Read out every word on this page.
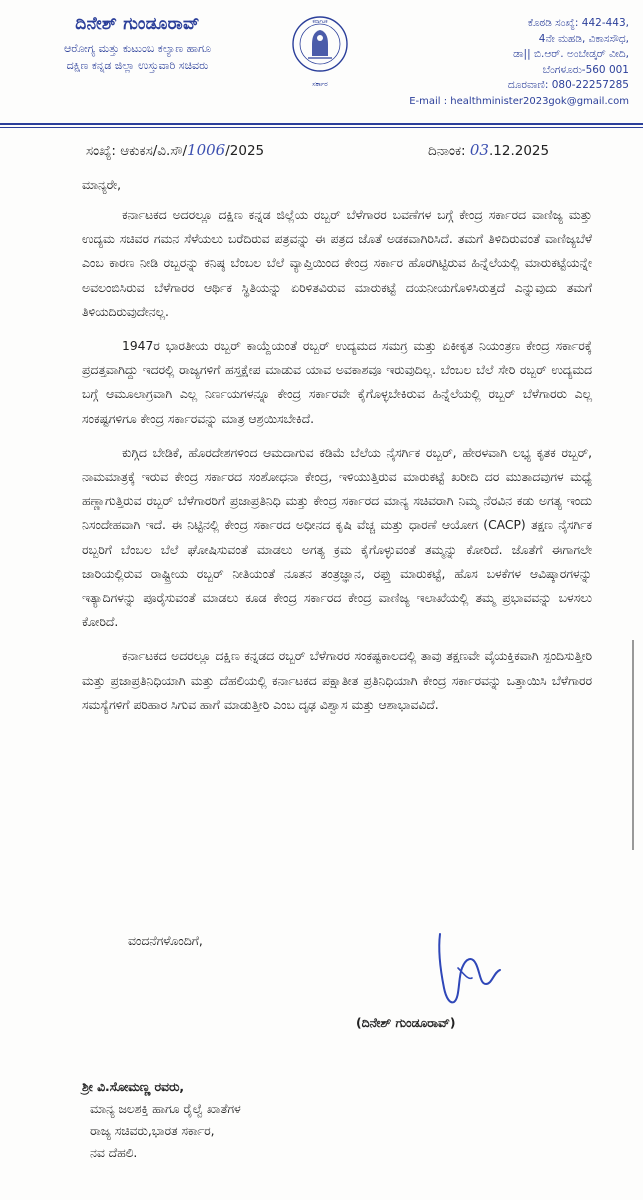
ದಿನೇಶ್ ಗುಂಡೂರಾವ್
ಆರೋಗ್ಯ ಮತ್ತು ಕುಟುಂಬ ಕಲ್ಯಾಣ ಹಾಗೂ
ದಕ್ಷಿಣ ಕನ್ನಡ ಜಿಲ್ಲಾ ಉಸ್ತುವಾರಿ ಸಚಿವರು
ಕರ್ನಾಟಕ
ಸರ್ಕಾರ
ಕೊಠಡಿ ಸಂಖ್ಯೆ: 442-443,
4ನೇ ಮಹಡಿ, ವಿಕಾಸಸೌಧ,
ಡಾ|| ಬಿ.ಆರ್. ಅಂಬೇಡ್ಕರ್ ವೀದಿ,
ಬೆಂಗಳೂರು-560 001
ದೂರವಾಣಿ: 080-22257285
E-mail : healthminister2023gok@gmail.com
ಸಂಖ್ಯೆ: ಆಕುಕಸ/ವಿ.ಸೌ/1006/2025	ದಿನಾಂಕ: 03.12.2025

ಮಾನ್ಯರೇ,

ಕರ್ನಾಟಕದ ಅದರಲ್ಲೂ ದಕ್ಷಿಣ ಕನ್ನಡ ಜಿಲ್ಲೆಯ ರಬ್ಬರ್ ಬೆಳೆಗಾರರ ಬವಣೆಗಳ ಬಗ್ಗೆ ಕೇಂದ್ರ ಸರ್ಕಾರದ ವಾಣಿಜ್ಯ ಮತ್ತು ಉದ್ಯಮ ಸಚಿವರ ಗಮನ ಸೆಳೆಯಲು ಬರೆದಿರುವ ಪತ್ರವನ್ನು ಈ ಪತ್ರದ ಜೊತೆ ಅಡಕವಾಗಿರಿಸಿದೆ. ತಮಗೆ ತಿಳಿದಿರುವಂತೆ ವಾಣಿಜ್ಯಬೆಳೆ ಎಂಬ ಕಾರಣ ನೀಡಿ ರಬ್ಬರನ್ನು ಕನಿಷ್ಠ ಬೆಂಬಲ ಬೆಲೆ ವ್ಯಾಪ್ತಿಯಿಂದ ಕೇಂದ್ರ ಸರ್ಕಾರ ಹೊರಗಿಟ್ಟಿರುವ ಹಿನ್ನೆಲೆಯಲ್ಲಿ ಮಾರುಕಟ್ಟೆಯನ್ನೇ ಅವಲಂಬಿಸಿರುವ ಬೆಳೆಗಾರರ ಆರ್ಥಿಕ ಸ್ಥಿತಿಯನ್ನು ಏರಿಳಿತವಿರುವ ಮಾರುಕಟ್ಟೆ ದಯನೀಯಗೊಳಿಸಿರುತ್ತದೆ ಎನ್ನುವುದು ತಮಗೆ ತಿಳಿಯದಿರುವುದೇನಲ್ಲ.

1947ರ ಭಾರತೀಯ ರಬ್ಬರ್ ಕಾಯ್ದೆಯಂತೆ ರಬ್ಬರ್ ಉದ್ಯಮದ ಸಮಗ್ರ ಮತ್ತು ಏಕೀಕೃತ ನಿಯಂತ್ರಣ ಕೇಂದ್ರ ಸರ್ಕಾರಕ್ಕೆ ಪ್ರದತ್ತವಾಗಿದ್ದು ಇದರಲ್ಲಿ ರಾಜ್ಯಗಳಿಗೆ ಹಸ್ತಕ್ಷೇಪ ಮಾಡುವ ಯಾವ ಅವಕಾಶವೂ ಇರುವುದಿಲ್ಲ. ಬೆಂಬಲ ಬೆಲೆ ಸೇರಿ ರಬ್ಬರ್ ಉದ್ಯಮದ ಬಗ್ಗೆ ಆಮೂಲಾಗ್ರವಾಗಿ ಎಲ್ಲ ನಿರ್ಣಯಗಳನ್ನೂ ಕೇಂದ್ರ ಸರ್ಕಾರವೇ ಕೈಗೊಳ್ಳಬೇಕಿರುವ ಹಿನ್ನೆಲೆಯಲ್ಲಿ ರಬ್ಬರ್ ಬೆಳೆಗಾರರು ಎಲ್ಲ ಸಂಕಷ್ಟಗಳಿಗೂ ಕೇಂದ್ರ ಸರ್ಕಾರವನ್ನು ಮಾತ್ರ ಆಶ್ರಯಿಸಬೇಕಿದೆ.

ಕುಗ್ಗಿದ ಬೇಡಿಕೆ, ಹೊರದೇಶಗಳಿಂದ ಆಮದಾಗುವ ಕಡಿಮೆ ಬೆಲೆಯ ನೈಸರ್ಗಿಕ ರಬ್ಬರ್, ಹೇರಳವಾಗಿ ಲಭ್ಯ ಕೃತಕ ರಬ್ಬರ್, ನಾಮಮಾತ್ರಕ್ಕೆ ಇರುವ ಕೇಂದ್ರ ಸರ್ಕಾರದ ಸಂಶೋಧನಾ ಕೇಂದ್ರ, ಇಳಿಯುತ್ತಿರುವ ಮಾರುಕಟ್ಟೆ ಖರೀದಿ ದರ ಮುತಾದವುಗಳ ಮಧ್ಯೆ ಹಣ್ಣಾಗುತ್ತಿರುವ ರಬ್ಬರ್ ಬೆಳೆಗಾರರಿಗೆ ಪ್ರಜಾಪ್ರತಿನಿಧಿ ಮತ್ತು ಕೇಂದ್ರ ಸರ್ಕಾರದ ಮಾನ್ಯ ಸಚಿವರಾಗಿ ನಿಮ್ಮ ನೆರವಿನ ಕಡು ಅಗತ್ಯ ಇಂದು ನಿಸಂದೇಹವಾಗಿ ಇದೆ. ಈ ನಿಟ್ಟಿನಲ್ಲಿ ಕೇಂದ್ರ ಸರ್ಕಾರದ ಅಧೀನದ ಕೃಷಿ ವೆಚ್ಚ ಮತ್ತು ಧಾರಣೆ ಆಯೋಗ (CACP) ತಕ್ಷಣ ನೈಸರ್ಗಿಕ ರಬ್ಬರಿಗೆ ಬೆಂಬಲ ಬೆಲೆ ಘೋಷಿಸುವಂತೆ ಮಾಡಲು ಅಗತ್ಯ ಕ್ರಮ ಕೈಗೊಳ್ಳುವಂತೆ ತಮ್ಮನ್ನು ಕೋರಿದೆ. ಜೊತೆಗೆ ಈಗಾಗಲೇ ಜಾರಿಯಲ್ಲಿರುವ ರಾಷ್ಟ್ರೀಯ ರಬ್ಬರ್ ನೀತಿಯಂತೆ ನೂತನ ತಂತ್ರಜ್ಞಾನ, ರಫ್ತು ಮಾರುಕಟ್ಟೆ, ಹೊಸ ಬಳಕೆಗಳ ಆವಿಷ್ಕಾರಗಳನ್ನು ಇತ್ಯಾದಿಗಳನ್ನು ಪೂರೈಸುವಂತೆ ಮಾಡಲು ಕೂಡ ಕೇಂದ್ರ ಸರ್ಕಾರದ ಕೇಂದ್ರ ವಾಣಿಜ್ಯ ಇಲಾಖೆಯಲ್ಲಿ ತಮ್ಮ ಪ್ರಭಾವವನ್ನು ಬಳಸಲು ಕೋರಿದೆ.

ಕರ್ನಾಟಕದ ಅದರಲ್ಲೂ ದಕ್ಷಿಣ ಕನ್ನಡದ ರಬ್ಬರ್ ಬೆಳೆಗಾರರ ಸಂಕಷ್ಟಕಾಲದಲ್ಲಿ ತಾವು ತಕ್ಷಣವೇ ವೈಯಕ್ತಿಕವಾಗಿ ಸ್ಪಂದಿಸುತ್ತೀರಿ ಮತ್ತು ಪ್ರಜಾಪ್ರತಿನಿಧಿಯಾಗಿ ಮತ್ತು ದೆಹಲಿಯಲ್ಲಿ ಕರ್ನಾಟಕದ ಪಕ್ಷಾತೀತ ಪ್ರತಿನಿಧಿಯಾಗಿ ಕೇಂದ್ರ ಸರ್ಕಾರವನ್ನು ಒತ್ತಾಯಿಸಿ ಬೆಳೆಗಾರರ ಸಮಸ್ಯೆಗಳಿಗೆ ಪರಿಹಾರ ಸಿಗುವ ಹಾಗೆ ಮಾಡುತ್ತೀರಿ ಎಂಬ ದೃಢ ವಿಶ್ವಾಸ ಮತ್ತು ಆಶಾಭಾವವಿದೆ.

ವಂದನೆಗಳೊಂದಿಗೆ,
(ದಿನೇಶ್ ಗುಂಡೂರಾವ್)
ಶ್ರೀ ವಿ.ಸೋಮಣ್ಣ ರವರು,
ಮಾನ್ಯ ಜಲಶಕ್ತಿ ಹಾಗೂ ರೈಲ್ವೆ ಖಾತೆಗಳ
ರಾಜ್ಯ ಸಚಿವರು,ಭಾರತ ಸರ್ಕಾರ,
ನವ ದೆಹಲಿ.
